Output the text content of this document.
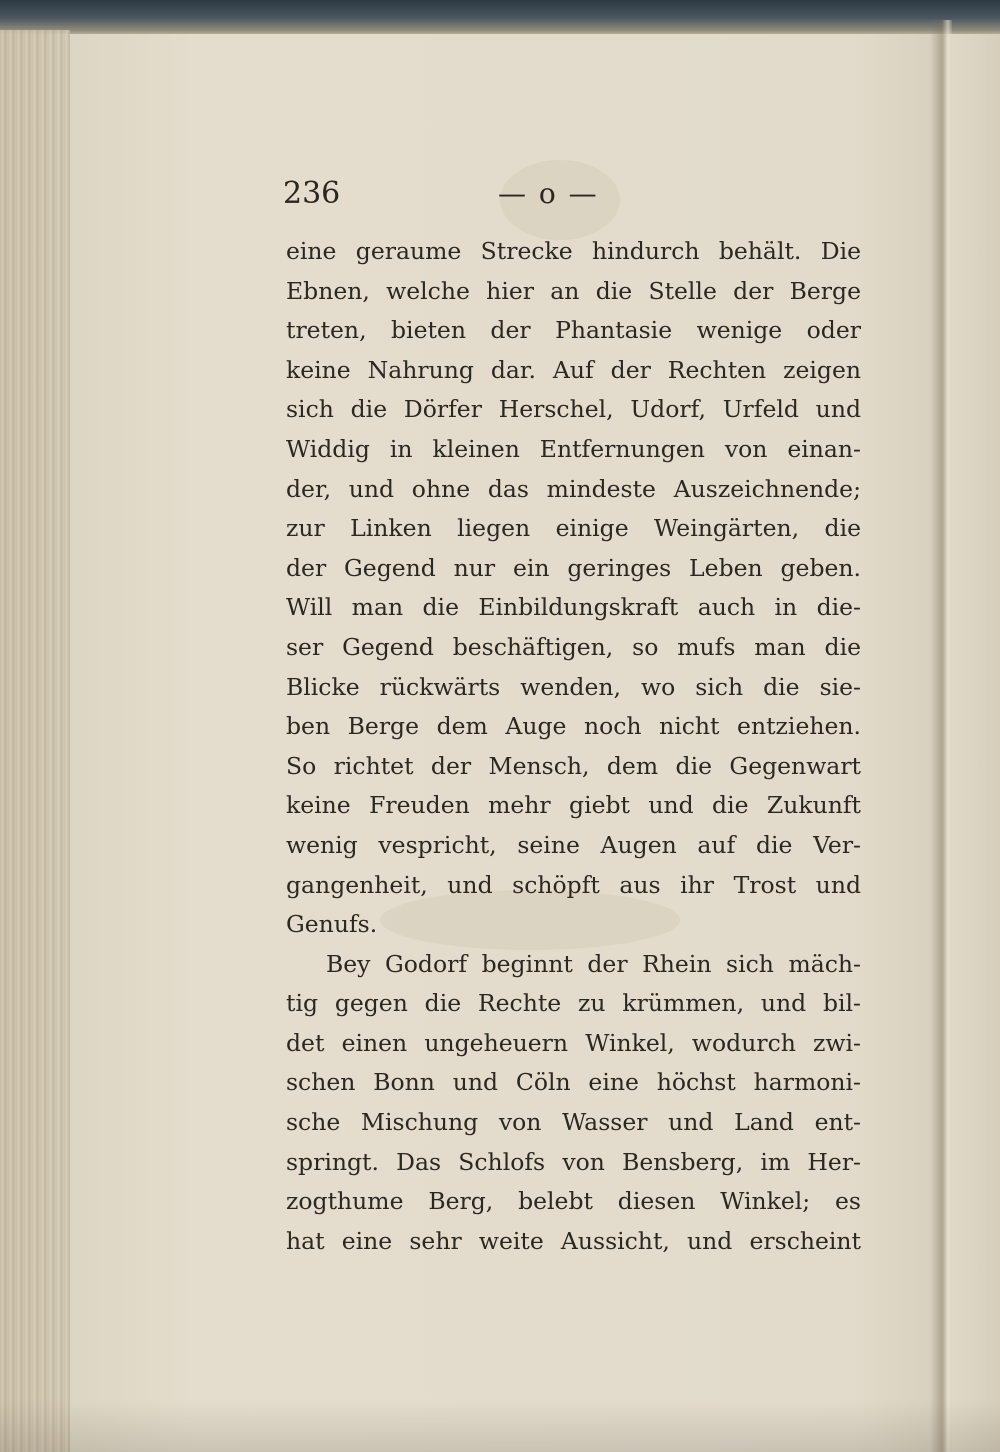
236	— o —
eine geraume Strecke hindurch behält. Die
Ebnen, welche hier an die Stelle der Berge
treten, bieten der Phantasie wenige oder
keine Nahrung dar. Auf der Rechten zeigen
sich die Dörfer Herschel, Udorf, Urfeld und
Widdig in kleinen Entfernungen von einan-
der, und ohne das mindeste Auszeichnende;
zur Linken liegen einige Weingärten, die
der Gegend nur ein geringes Leben geben.
Will man die Einbildungskraft auch in die-
ser Gegend beschäftigen, so mufs man die
Blicke rückwärts wenden, wo sich die sie-
ben Berge dem Auge noch nicht entziehen.
So richtet der Mensch, dem die Gegenwart
keine Freuden mehr giebt und die Zukunft
wenig vespricht, seine Augen auf die Ver-
gangenheit, und schöpft aus ihr Trost und
Genufs.
Bey Godorf beginnt der Rhein sich mäch-
tig gegen die Rechte zu krümmen, und bil-
det einen ungeheuern Winkel, wodurch zwi-
schen Bonn und Cöln eine höchst harmoni-
sche Mischung von Wasser und Land ent-
springt. Das Schlofs von Bensberg, im Her-
zogthume Berg, belebt diesen Winkel; es
hat eine sehr weite Aussicht, und erscheint
